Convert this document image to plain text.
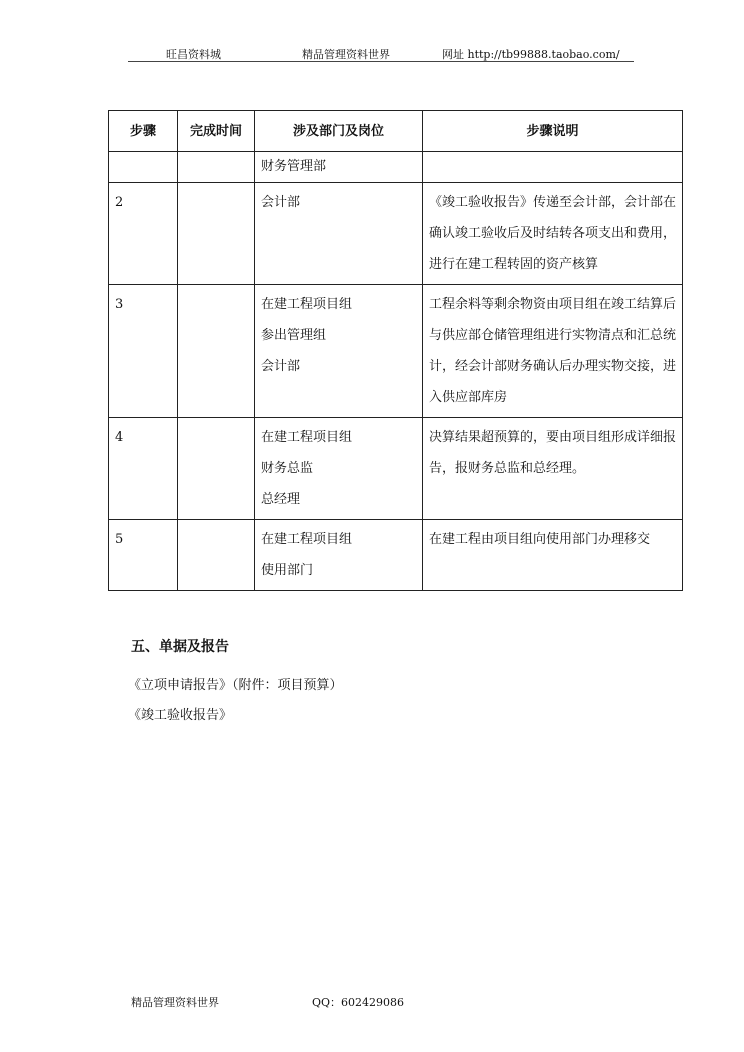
旺昌资料城	精品管理资料世界	网址 http://tb99888.taobao.com/
步骤	完成时间	涉及部门及岗位	步骤说明

		财务管理部	

2		会计部	《竣工验收报告》传递至会计部，会计部在确认竣工验收后及时结转各项支出和费用，进行在建工程转固的资产核算
3		在建工程项目组
参出管理组
会计部	工程余料等剩余物资由项目组在竣工结算后与供应部仓储管理组进行实物清点和汇总统计，经会计部财务确认后办理实物交接，进入供应部库房
4		在建工程项目组
财务总监
总经理	决算结果超预算的，要由项目组形成详细报告，报财务总监和总经理。
5		在建工程项目组
使用部门	在建工程由项目组向使用部门办理移交
五、单据及报告
《立项申请报告》（附件：项目预算）
《竣工验收报告》
精品管理资料世界	QQ：602429086
